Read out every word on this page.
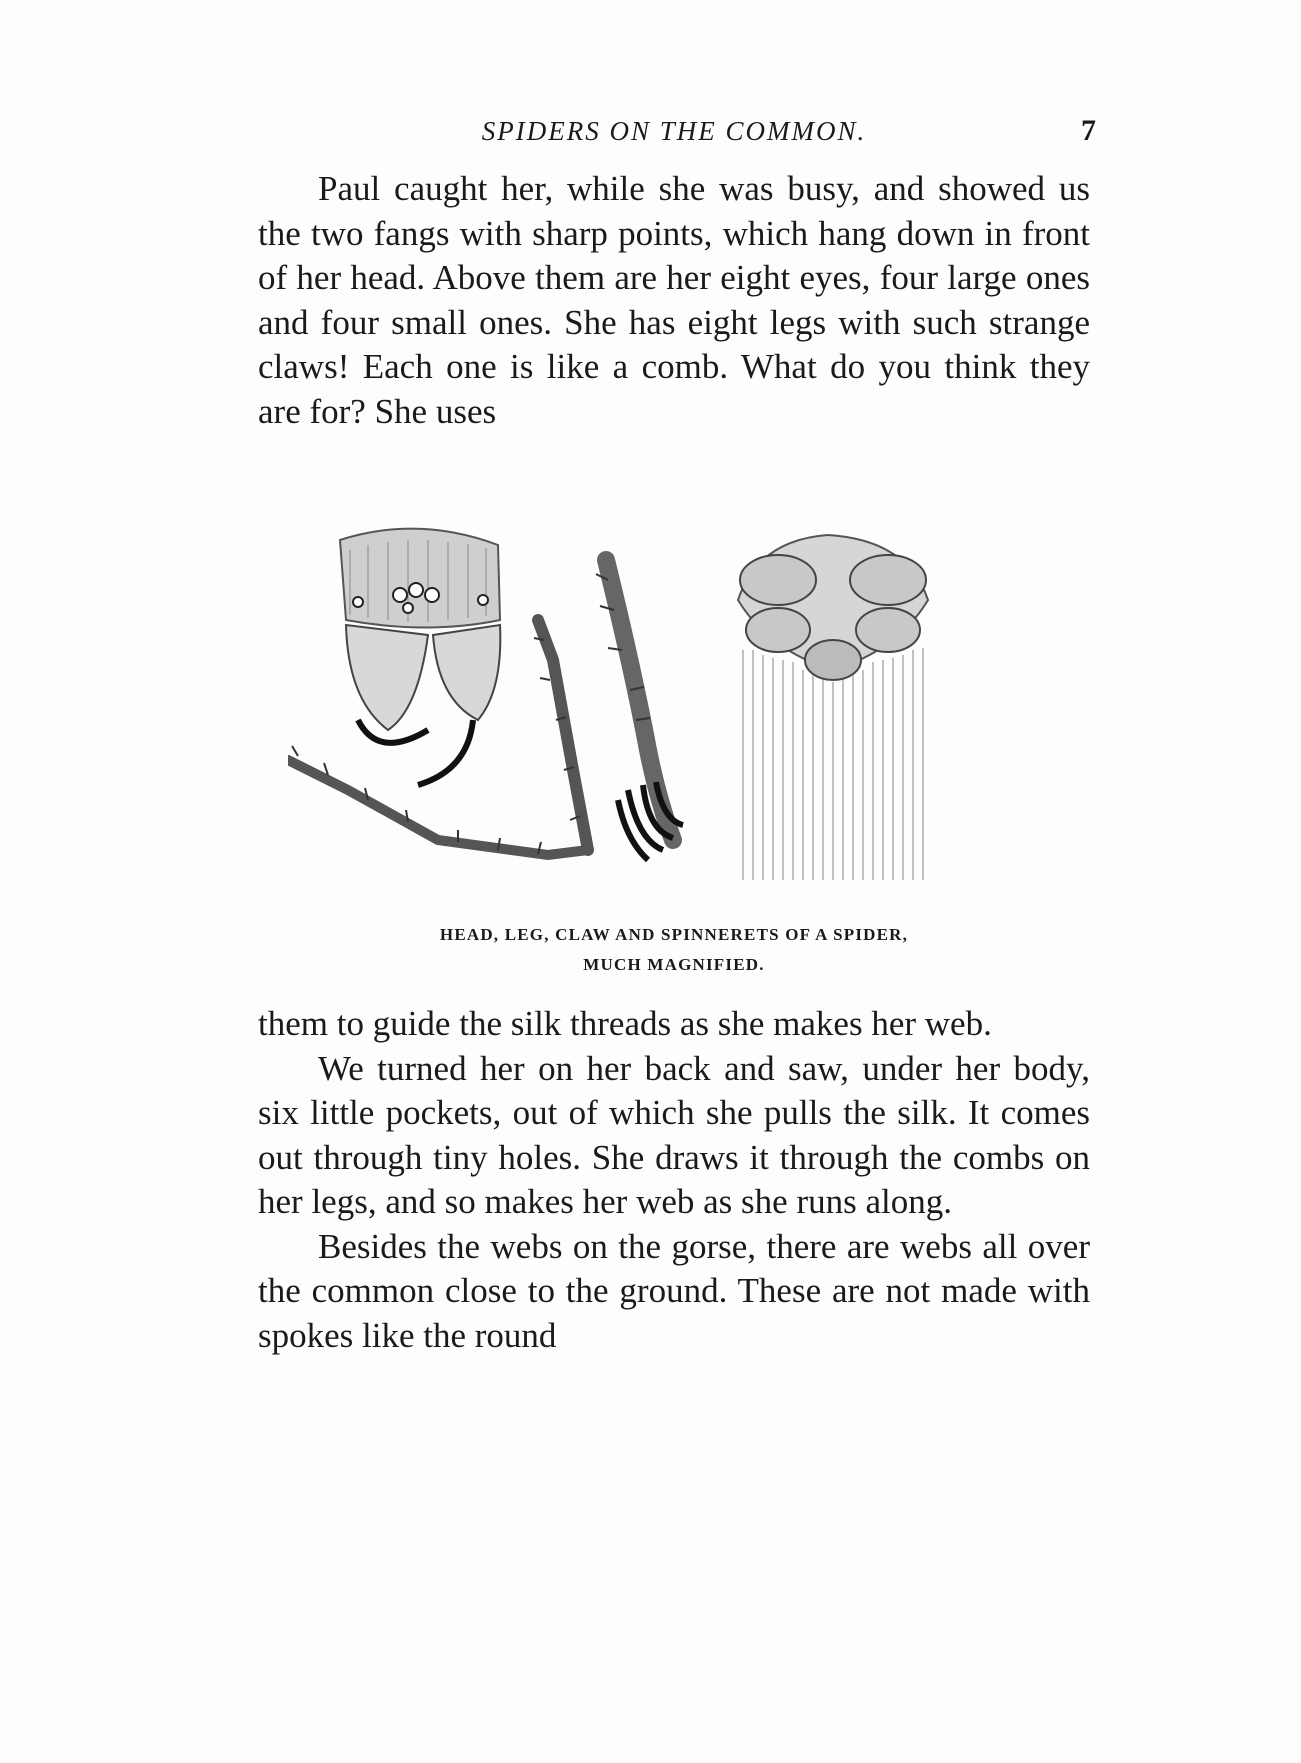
SPIDERS ON THE COMMON.	7

Paul caught her, while she was busy, and showed us the two fangs with sharp points, which hang down in front of her head. Above them are her eight eyes, four large ones and four small ones. She has eight legs with such strange claws! Each one is like a comb. What do you think they are for? She uses

HEAD, LEG, CLAW AND SPINNERETS OF A SPIDER,
MUCH MAGNIFIED.

them to guide the silk threads as she makes her web.

We turned her on her back and saw, under her body, six little pockets, out of which she pulls the silk. It comes out through tiny holes. She draws it through the combs on her legs, and so makes her web as she runs along.

Besides the webs on the gorse, there are webs all over the common close to the ground. These are not made with spokes like the round
